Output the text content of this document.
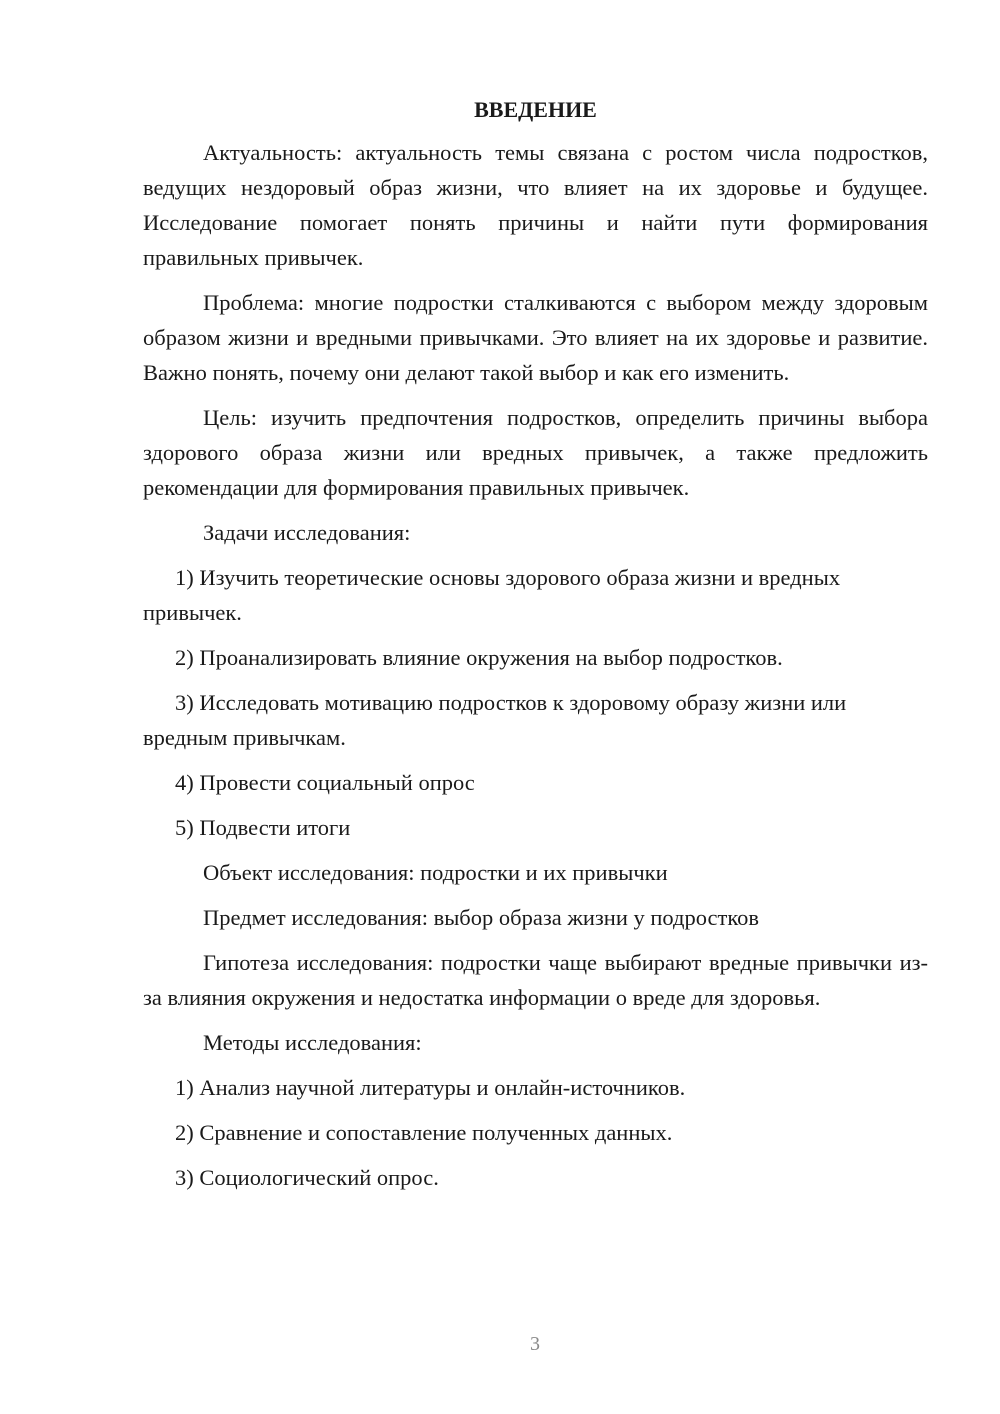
ВВЕДЕНИЕ

Актуальность: актуальность темы связана с ростом числа подростков, ведущих нездоровый образ жизни, что влияет на их здоровье и будущее. Исследование помогает понять причины и найти пути формирования правильных привычек.

Проблема: многие подростки сталкиваются с выбором между здоровым образом жизни и вредными привычками. Это влияет на их здоровье и развитие. Важно понять, почему они делают такой выбор и как его изменить.

Цель: изучить предпочтения подростков, определить причины выбора здорового образа жизни или вредных привычек, а также предложить рекомендации для формирования правильных привычек.

Задачи исследования:

1) Изучить теоретические основы здорового образа жизни и вредных привычек.

2) Проанализировать влияние окружения на выбор подростков.

3) Исследовать мотивацию подростков к здоровому образу жизни или вредным привычкам.

4) Провести социальный опрос

5) Подвести итоги

Объект исследования: подростки и их привычки

Предмет исследования: выбор образа жизни у подростков

Гипотеза исследования: подростки чаще выбирают вредные привычки из-за влияния окружения и недостатка информации о вреде для здоровья.

Методы исследования:

1) Анализ научной литературы и онлайн-источников.

2) Сравнение и сопоставление полученных данных.

3) Социологический опрос.

3
